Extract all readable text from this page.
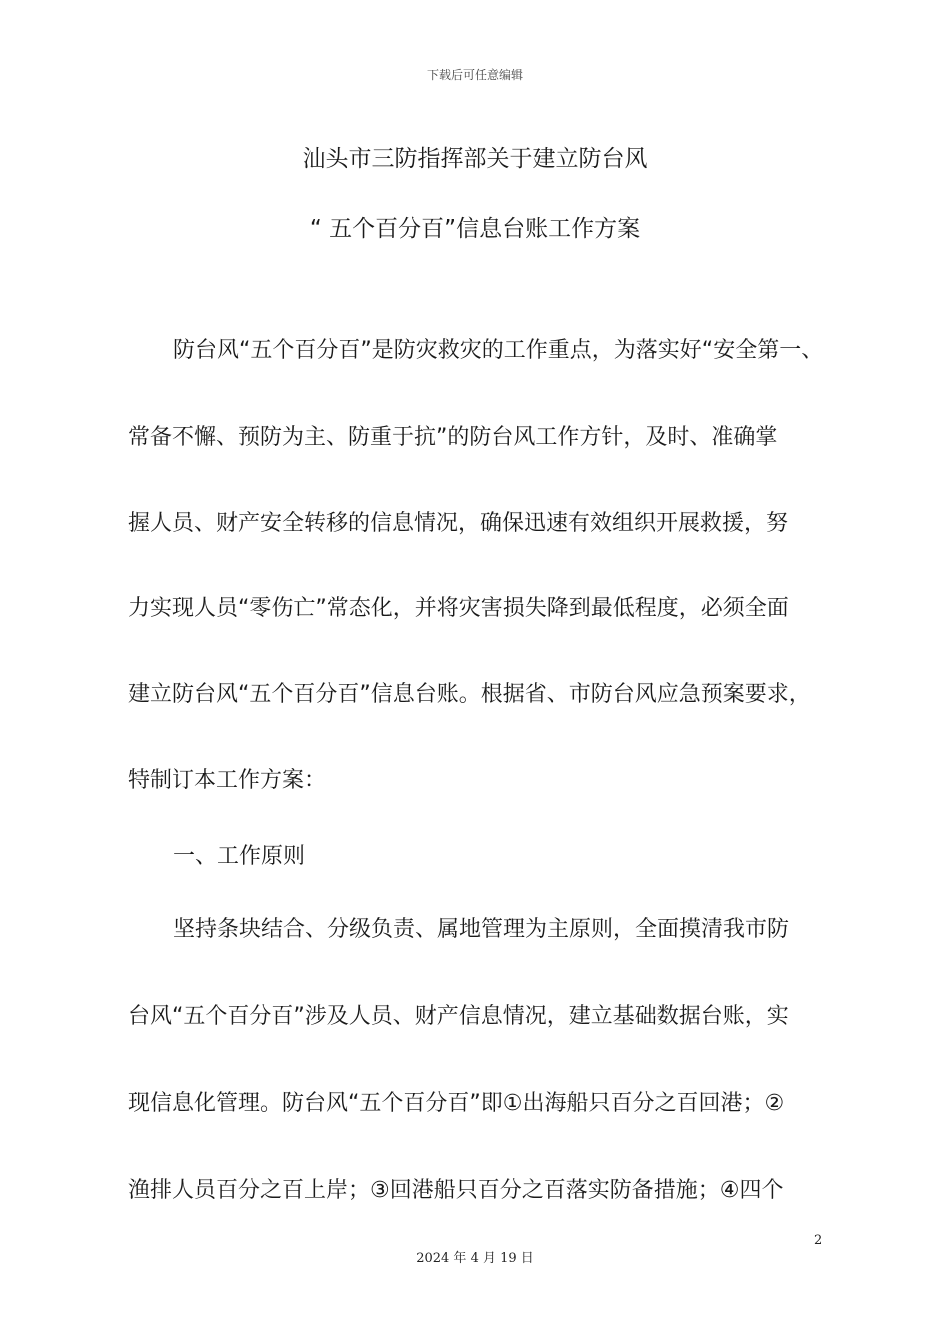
下载后可任意编辑
汕头市三防指挥部关于建立防台风
“ 五个百分百”信息台账工作方案
防台风“五个百分百”是防灾救灾的工作重点，为落实好“安全第一、
常备不懈、预防为主、防重于抗”的防台风工作方针，及时、准确掌
握人员、财产安全转移的信息情况，确保迅速有效组织开展救援，努
力实现人员“零伤亡”常态化，并将灾害损失降到最低程度，必须全面
建立防台风“五个百分百”信息台账。根据省、市防台风应急预案要求，
特制订本工作方案：
一、工作原则
坚持条块结合、分级负责、属地管理为主原则，全面摸清我市防
台风“五个百分百”涉及人员、财产信息情况，建立基础数据台账，实
现信息化管理。防台风“五个百分百”即①出海船只百分之百回港；②
渔排人员百分之百上岸；③回港船只百分之百落实防备措施；④四个
2
2024 年 4 月 19 日
